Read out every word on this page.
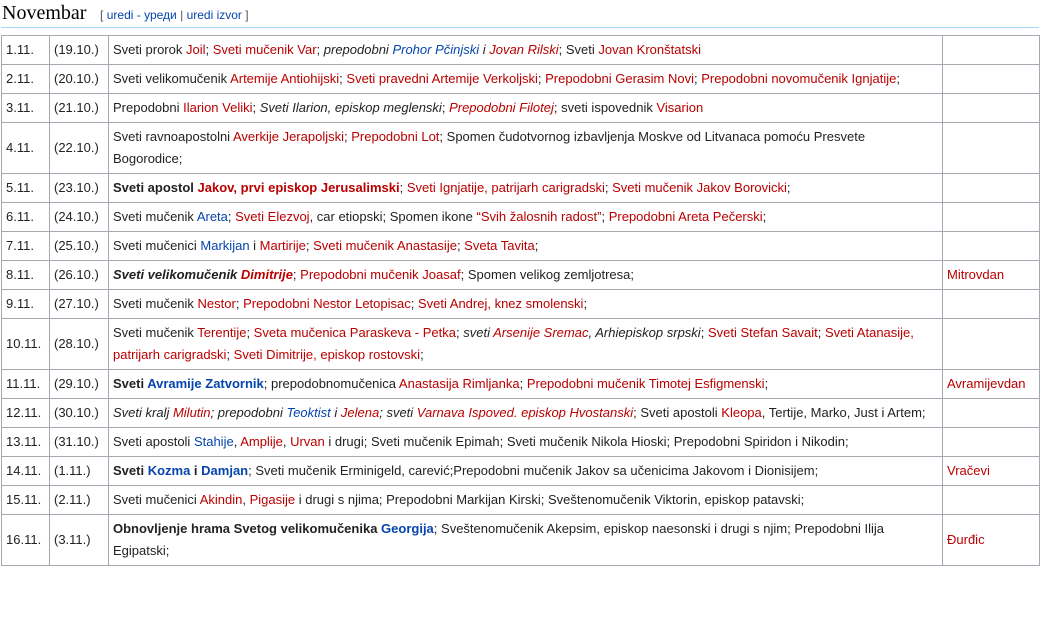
Novembar [ uredi - уреди | uredi izvor ]
1.11.	(19.10.)	Sveti prorok Joil; Sveti mučenik Var; prepodobni Prohor Pčinjski i Jovan Rilski; Sveti Jovan Kronštatski	
2.11.	(20.10.)	Sveti velikomučenik Artemije Antiohijski; Sveti pravedni Artemije Verkoljski; Prepodobni Gerasim Novi; Prepodobni novomučenik Ignjatije;	
3.11.	(21.10.)	Prepodobni Ilarion Veliki; Sveti Ilarion, episkop meglenski; Prepodobni Filotej; sveti ispovednik Visarion	
4.11.	(22.10.)	Sveti ravnoapostolni Averkije Jerapoljski; Prepodobni Lot; Spomen čudotvornog izbavljenja Moskve od Litvanaca pomoću Presvete Bogorodice;	
5.11.	(23.10.)	Sveti apostol Jakov, prvi episkop Jerusalimski; Sveti Ignjatije, patrijarh carigradski; Sveti mučenik Jakov Borovicki;	
6.11.	(24.10.)	Sveti mučenik Areta; Sveti Elezvoj, car etiopski; Spomen ikone “Svih žalosnih radost”; Prepodobni Areta Pečerski;	
7.11.	(25.10.)	Sveti mučenici Markijan i Martirije; Sveti mučenik Anastasije; Sveta Tavita;	
8.11.	(26.10.)	Sveti velikomučenik Dimitrije; Prepodobni mučenik Joasaf; Spomen velikog zemljotresa;	Mitrovdan
9.11.	(27.10.)	Sveti mučenik Nestor; Prepodobni Nestor Letopisac; Sveti Andrej, knez smolenski;	
10.11.	(28.10.)	Sveti mučenik Terentije; Sveta mučenica Paraskeva - Petka; sveti Arsenije Sremac, Arhiepiskop srpski; Sveti Stefan Savait; Sveti Atanasije, patrijarh carigradski; Sveti Dimitrije, episkop rostovski;	
11.11.	(29.10.)	Sveti Avramije Zatvornik; prepodobnomučenica Anastasija Rimljanka; Prepodobni mučenik Timotej Esfigmenski;	Avramijevdan
12.11.	(30.10.)	Sveti kralj Milutin; prepodobni Teoktist i Jelena; sveti Varnava Ispoved. episkop Hvostanski; Sveti apostoli Kleopa, Tertije, Marko, Just i Artem;	
13.11.	(31.10.)	Sveti apostoli Stahije, Amplije, Urvan i drugi; Sveti mučenik Epimah; Sveti mučenik Nikola Hioski; Prepodobni Spiridon i Nikodin;	
14.11.	(1.11.)	Sveti Kozma i Damjan; Sveti mučenik Erminigeld, carević;Prepodobni mučenik Jakov sa učenicima Jakovom i Dionisijem;	Vračevi
15.11.	(2.11.)	Sveti mučenici Akindin, Pigasije i drugi s njima; Prepodobni Markijan Kirski; Sveštenomučenik Viktorin, episkop patavski;	
16.11.	(3.11.)	Obnovljenje hrama Svetog velikomučenika Georgija; Sveštenomučenik Akepsim, episkop naesonski i drugi s njim; Prepodobni Ilija Egipatski;	Đurđic
